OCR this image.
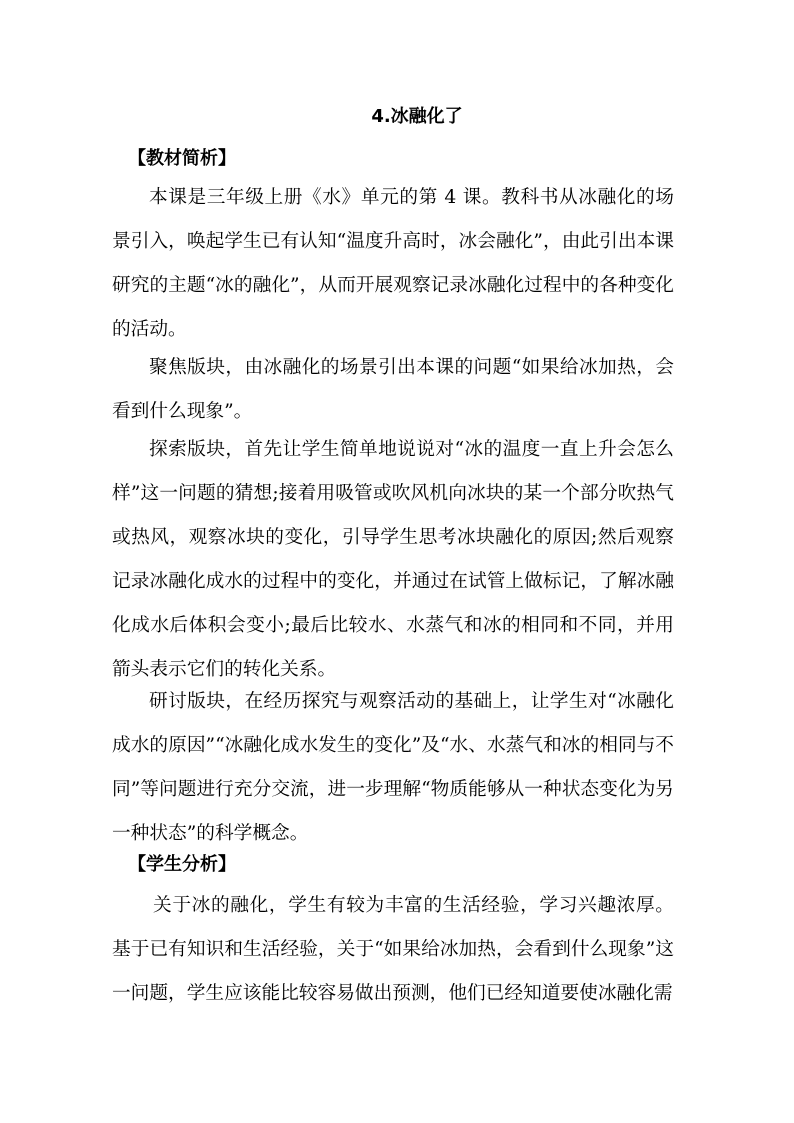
4.冰融化了
【教材简析】

本课是三年级上册《水》单元的第 4 课。教科书从冰融化的场景引入，唤起学生已有认知“温度升高时，冰会融化”，由此引出本课研究的主题“冰的融化”，从而开展观察记录冰融化过程中的各种变化的活动。

聚焦版块，由冰融化的场景引出本课的问题“如果给冰加热，会看到什么现象”。

探索版块，首先让学生简单地说说对“冰的温度一直上升会怎么样”这一问题的猜想;接着用吸管或吹风机向冰块的某一个部分吹热气或热风，观察冰块的变化，引导学生思考冰块融化的原因;然后观察记录冰融化成水的过程中的变化，并通过在试管上做标记，了解冰融化成水后体积会变小;最后比较水、水蒸气和冰的相同和不同，并用箭头表示它们的转化关系。

研讨版块，在经历探究与观察活动的基础上，让学生对“冰融化成水的原因”“冰融化成水发生的变化”及“水、水蒸气和冰的相同与不同”等问题进行充分交流，进一步理解“物质能够从一种状态变化为另一种状态”的科学概念。

【学生分析】

关于冰的融化，学生有较为丰富的生活经验，学习兴趣浓厚。基于已有知识和生活经验，关于“如果给冰加热，会看到什么现象”这一问题，学生应该能比较容易做出预测，他们已经知道要使冰融化需
